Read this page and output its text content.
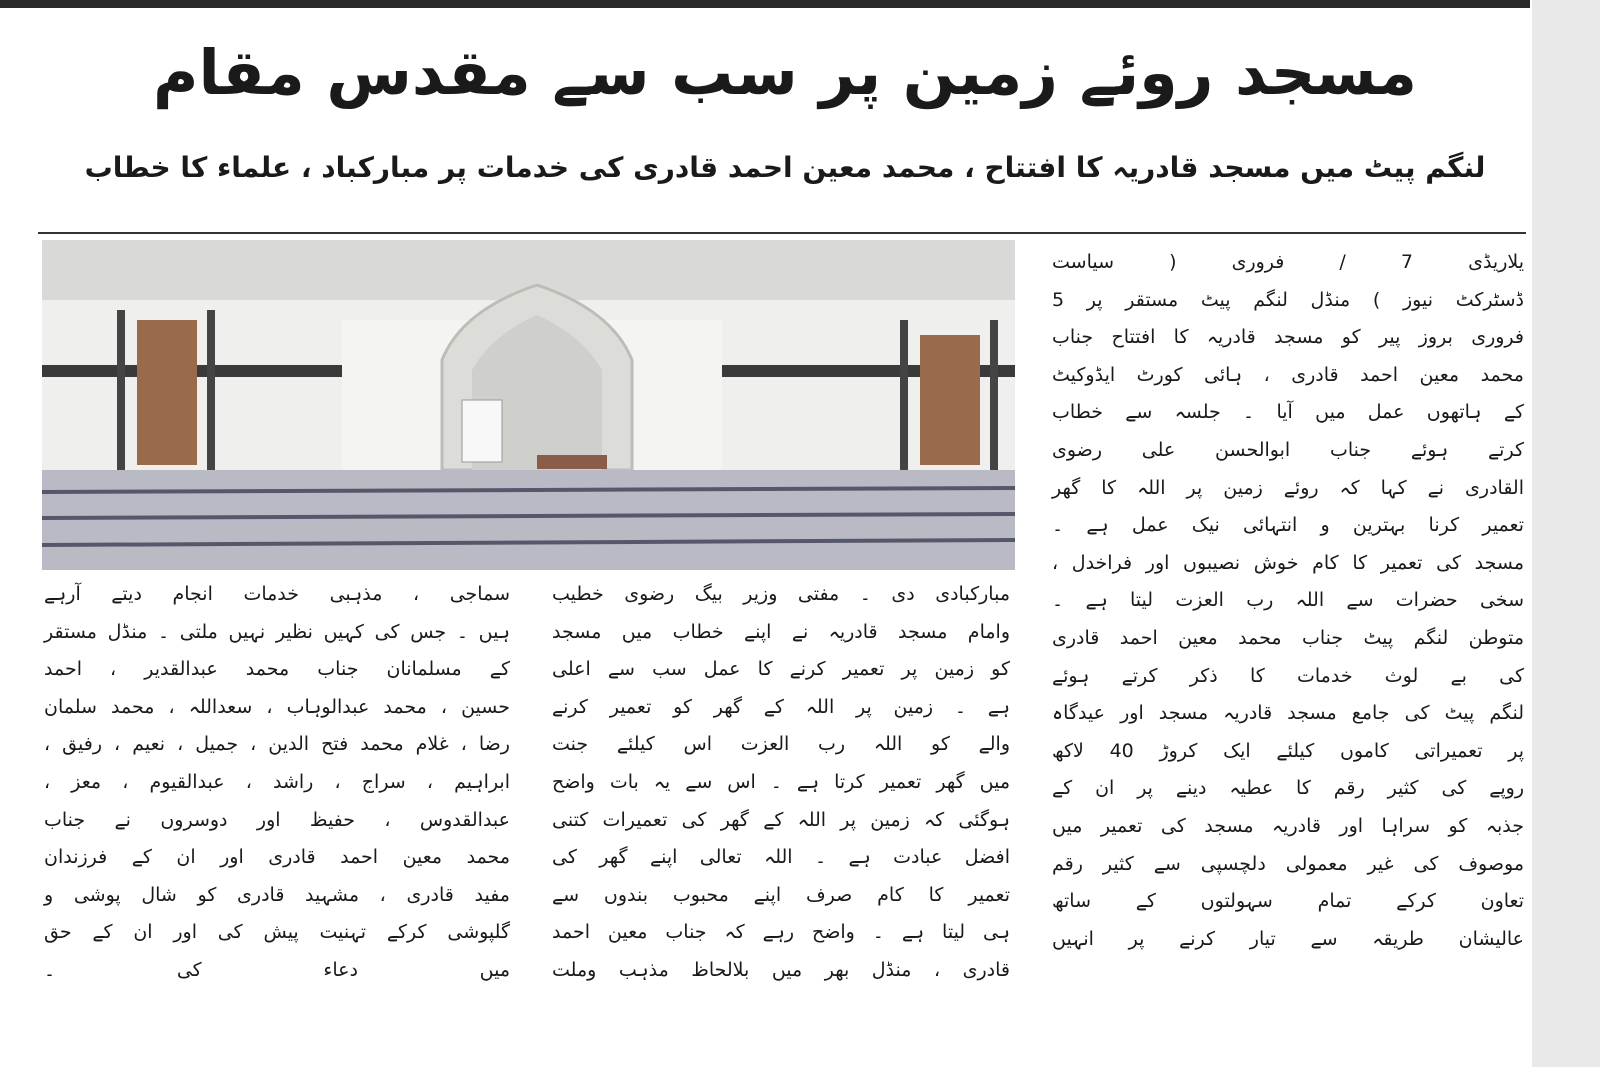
مسجد روئے زمین پر سب سے مقدس مقام
لنگم پیٹ میں مسجد قادریہ کا افتتاح ، محمد معین احمد قادری کی خدمات پر مبارکباد ، علماء کا خطاب
یلاریڈی 7 / فروری ( سیاست
ڈسٹرکٹ نیوز ) منڈل لنگم پیٹ مستقر پر 5
فروری بروز پیر کو مسجد قادریہ کا افتتاح جناب
محمد معین احمد قادری ، ہائی کورٹ ایڈوکیٹ
کے ہاتھوں عمل میں آیا ۔ جلسہ سے خطاب
کرتے ہوئے جناب ابوالحسن علی رضوی
القادری نے کہا کہ روئے زمین پر اللہ کا گھر
تعمیر کرنا بہترین و انتہائی نیک عمل ہے ۔
مسجد کی تعمیر کا کام خوش نصیبوں اور فراخدل ،
سخی حضرات سے اللہ رب العزت لیتا ہے ۔
متوطن لنگم پیٹ جناب محمد معین احمد قادری
کی بے لوث خدمات کا ذکر کرتے ہوئے
لنگم پیٹ کی جامع مسجد قادریہ مسجد اور عیدگاہ
پر تعمیراتی کاموں کیلئے ایک کروڑ 40 لاکھ
روپے کی کثیر رقم کا عطیہ دینے پر ان کے
جذبہ کو سراہا اور قادریہ مسجد کی تعمیر میں
موصوف کی غیر معمولی دلچسپی سے کثیر رقم
تعاون کرکے تمام سہولتوں کے ساتھ
عالیشان طریقہ سے تیار کرنے پر انہیں
مبارکبادی دی ۔ مفتی وزیر بیگ رضوی خطیب
وامام مسجد قادریہ نے اپنے خطاب میں مسجد
کو زمین پر تعمیر کرنے کا عمل سب سے اعلی
ہے ۔ زمین پر اللہ کے گھر کو تعمیر کرنے
والے کو اللہ رب العزت اس کیلئے جنت
میں گھر تعمیر کرتا ہے ۔ اس سے یہ بات واضح
ہوگئی کہ زمین پر اللہ کے گھر کی تعمیرات کتنی
افضل عبادت ہے ۔ اللہ تعالی اپنے گھر کی
تعمیر کا کام صرف اپنے محبوب بندوں سے
ہی لیتا ہے ۔ واضح رہے کہ جناب معین احمد
قادری ، منڈل بھر میں بلالحاظ مذہب وملت
سماجی ، مذہبی خدمات انجام دیتے آرہے
ہیں ۔ جس کی کہیں نظیر نہیں ملتی ۔ منڈل مستقر
کے مسلمانان جناب محمد عبدالقدیر ، احمد
حسین ، محمد عبدالوہاب ، سعداللہ ، محمد سلمان
رضا ، غلام محمد فتح الدین ، جمیل ، نعیم ، رفیق ،
ابراہیم ، سراج ، راشد ، عبدالقیوم ، معز ،
عبدالقدوس ، حفیظ اور دوسروں نے جناب
محمد معین احمد قادری اور ان کے فرزندان
مفید قادری ، مشہید قادری کو شال پوشی و
گلپوشی کرکے تہنیت پیش کی اور ان کے حق
میں دعاء کی ۔
